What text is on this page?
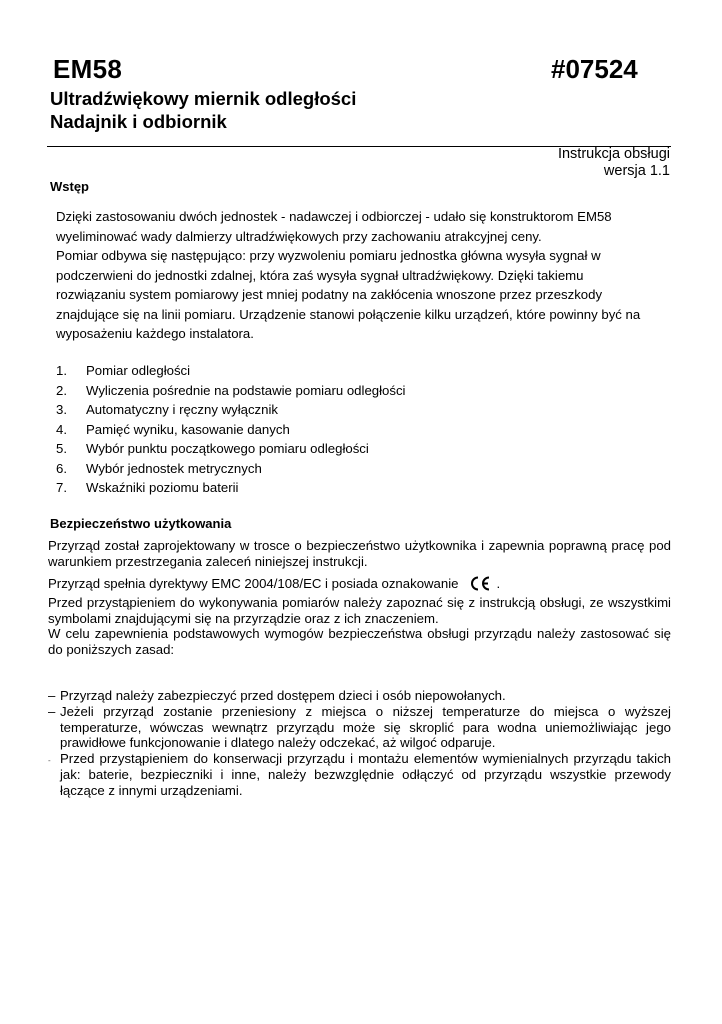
EM58	#07524
Ultradźwiękowy miernik odległości
Nadajnik i odbiornik
Instrukcja obsługi
wersja 1.1
Wstęp

Dzięki zastosowaniu dwóch jednostek - nadawczej i odbiorczej - udało się konstruktorom EM58 wyeliminować wady dalmierzy ultradźwiękowych przy zachowaniu atrakcyjnej ceny.

Pomiar odbywa się następująco: przy wyzwoleniu pomiaru jednostka główna wysyła sygnał w podczerwieni do jednostki zdalnej, która zaś wysyła sygnał ultradźwiękowy. Dzięki takiemu rozwiązaniu system pomiarowy jest mniej podatny na zakłócenia wnoszone przez przeszkody znajdujące się na linii pomiaru. Urządzenie stanowi połączenie kilku urządzeń, które powinny być na wyposażeniu każdego instalatora.

1.	Pomiar odległości
2.	Wyliczenia pośrednie na podstawie pomiaru odległości
3.	Automatyczny i ręczny wyłącznik
4.	Pamięć wyniku, kasowanie danych
5.	Wybór punktu początkowego pomiaru odległości
6.	Wybór jednostek metrycznych
7.	Wskaźniki poziomu baterii
Bezpieczeństwo użytkowania

Przyrząd został zaprojektowany w trosce o bezpieczeństwo użytkownika i zapewnia poprawną pracę pod warunkiem przestrzegania zaleceń niniejszej instrukcji.

Przyrząd spełnia dyrektywy EMC 2004/108/EC i posiada oznakowanie	.

Przed przystąpieniem do wykonywania pomiarów należy zapoznać się z instrukcją obsługi, ze wszystkimi symbolami znajdującymi się na przyrządzie oraz z ich znaczeniem.

W celu zapewnienia podstawowych wymogów bezpieczeństwa obsługi przyrządu należy zastosować się do poniższych zasad:

– Przyrząd należy zabezpieczyć przed dostępem dzieci i osób niepowołanych.
– Jeżeli przyrząd zostanie przeniesiony z miejsca o niższej temperaturze do miejsca o wyższej temperaturze, wówczas wewnątrz przyrządu może się skroplić para wodna uniemożliwiając jego prawidłowe funkcjonowanie i dlatego należy odczekać, aż wilgoć odparuje.
- Przed przystąpieniem do konserwacji przyrządu i montażu elementów wymienialnych przyrządu takich jak: baterie, bezpieczniki i inne, należy bezwzględnie odłączyć od przyrządu wszystkie przewody łączące z innymi urządzeniami.
